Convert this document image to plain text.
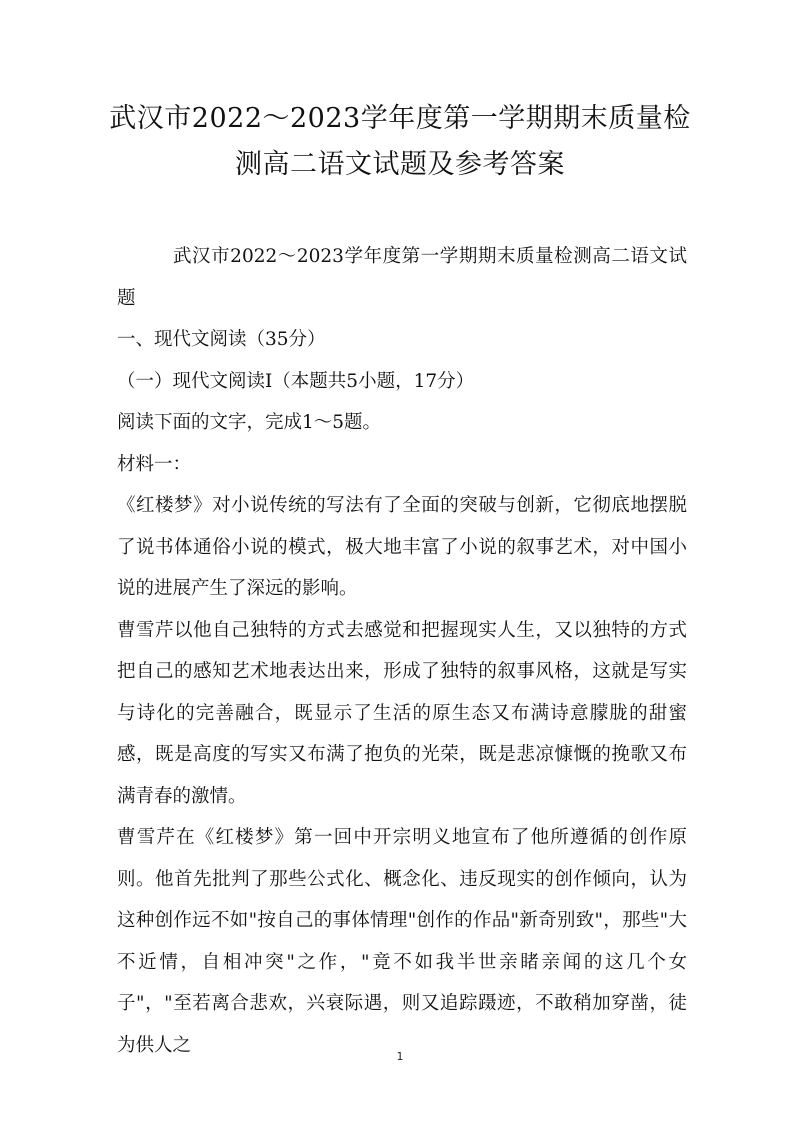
武汉市2022～2023学年度第一学期期末质量检
测高二语文试题及参考答案

武汉市2022～2023学年度第一学期期末质量检测高二语文试题

一、现代文阅读（35分）

（一）现代文阅读Ⅰ（本题共5小题，17分）

阅读下面的文字，完成1～5题。

材料一：

《红楼梦》对小说传统的写法有了全面的突破与创新，它彻底地摆脱了说书体通俗小说的模式，极大地丰富了小说的叙事艺术，对中国小说的进展产生了深远的影响。

曹雪芹以他自己独特的方式去感觉和把握现实人生，又以独特的方式把自己的感知艺术地表达出来，形成了独特的叙事风格，这就是写实与诗化的完善融合，既显示了生活的原生态又布满诗意朦胧的甜蜜感，既是高度的写实又布满了抱负的光荣，既是悲凉慷慨的挽歌又布满青春的激情。

曹雪芹在《红楼梦》第一回中开宗明义地宣布了他所遵循的创作原则。他首先批判了那些公式化、概念化、违反现实的创作倾向，认为这种创作远不如"按自己的事体情理"创作的作品"新奇别致"，那些"大不近情，自相冲突"之作，"竟不如我半世亲睹亲闻的这几个女子"，"至若离合悲欢，兴衰际遇，则又追踪蹑迹，不敢稍加穿凿，徒为供人之

1
